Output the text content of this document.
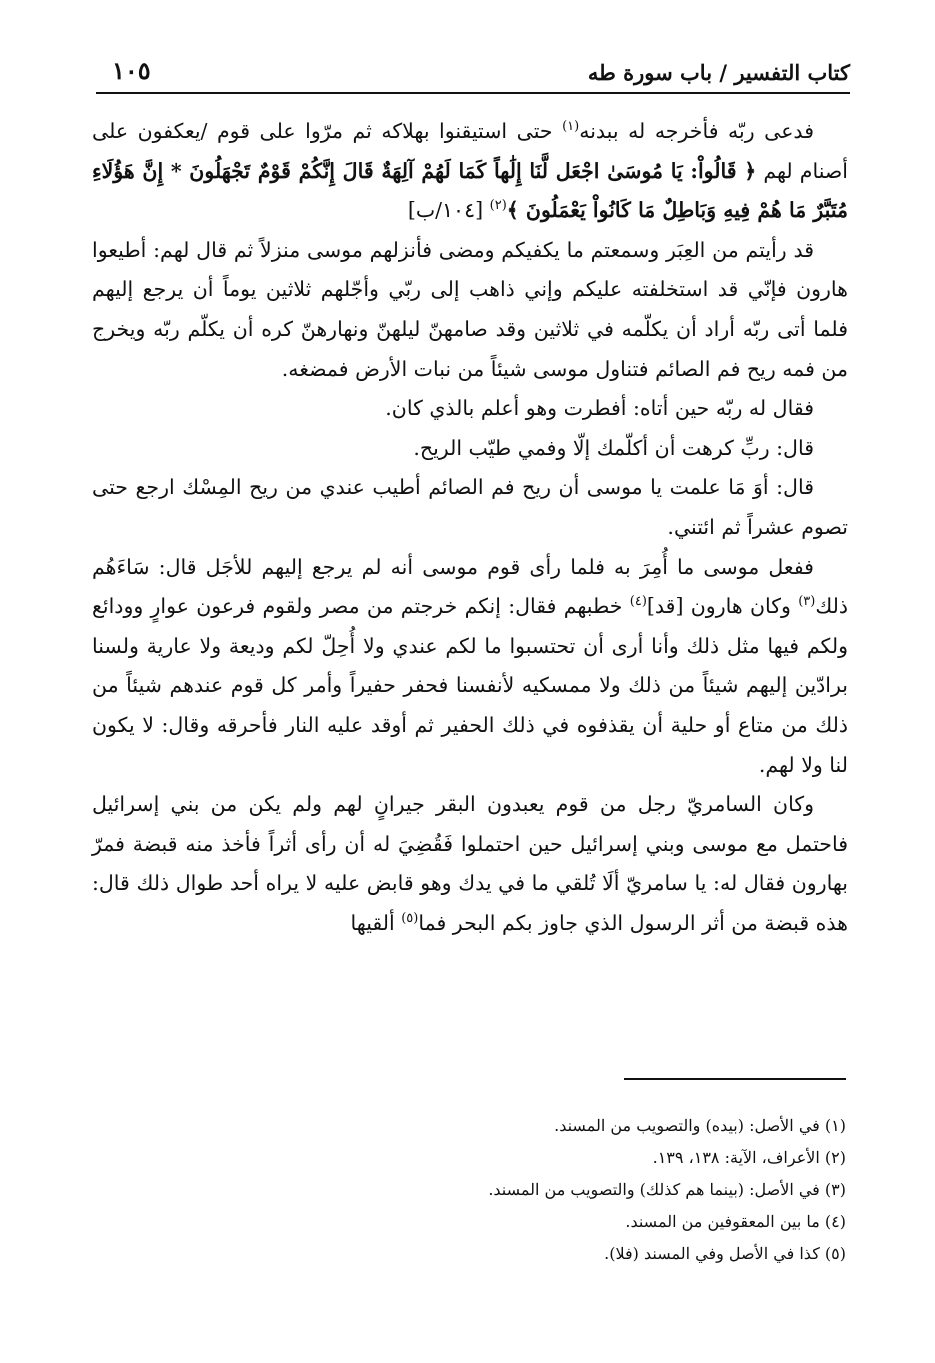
كتاب التفسير / باب سورة طه
١٠٥

فدعى ربّه فأخرجه له ببدنه$^{(١)}$ حتى استيقنوا بهلاكه ثم مرّوا على قوم /يعكفون على أصنام لهم ﴿ قَالُواْ: يَا مُوسَىٰ اجْعَل لَّنَا إِلَٰهاً كَمَا لَهُمْ آلِهَةٌ قَالَ إِنَّكُمْ قَوْمٌ تَجْهَلُونَ * إِنَّ هَؤُلَاءِ مُتَبَّرٌ مَا هُمْ فِيهِ وَبَاطِلٌ مَا كَانُواْ يَعْمَلُونَ ﴾$^{(٢)}$ [١٠٤/ب]

قد رأيتم من العِبَر وسمعتم ما يكفيكم ومضى فأنزلهم موسى منزلاً ثم قال لهم: أطيعوا هارون فإنّي قد استخلفته عليكم وإني ذاهب إلى ربّي وأجّلهم ثلاثين يوماً أن يرجع إليهم فلما أتى ربّه أراد أن يكلّمه في ثلاثين وقد صامهنّ ليلهنّ ونهارهنّ كره أن يكلّم ربّه ويخرج من فمه ريح فم الصائم فتناول موسى شيئاً من نبات الأرض فمضغه.

فقال له ربّه حين أتاه: أفطرت وهو أعلم بالذي كان.

قال: ربِّ كرهت أن أكلّمك إلّا وفمي طيّب الريح.

قال: أوَ مَا علمت يا موسى أن ريح فم الصائم أطيب عندي من ريح المِسْك ارجع حتى تصوم عشراً ثم ائتني.

ففعل موسى ما أُمِرَ به فلما رأى قوم موسى أنه لم يرجع إليهم للأجَل قال: سَاءَهُم ذلك$^{(٣)}$ وكان هارون [قد]$^{(٤)}$ خطبهم فقال: إنكم خرجتم من مصر ولقوم فرعون عوارٍ وودائع ولكم فيها مثل ذلك وأنا أرى أن تحتسبوا ما لكم عندي ولا أُحِلّ لكم وديعة ولا عارية ولسنا برادّين إليهم شيئاً من ذلك ولا ممسكيه لأنفسنا فحفر حفيراً وأمر كل قوم عندهم شيئاً من ذلك من متاع أو حلية أن يقذفوه في ذلك الحفير ثم أوقد عليه النار فأحرقه وقال: لا يكون لنا ولا لهم.

وكان السامريّ رجل من قوم يعبدون البقر جيرانٍ لهم ولم يكن من بني إسرائيل فاحتمل مع موسى وبني إسرائيل حين احتملوا فَقُضِيَ له أن رأى أثراً فأخذ منه قبضة فمرّ بهارون فقال له: يا سامريّ ألَا تُلقي ما في يدك وهو قابض عليه لا يراه أحد طوال ذلك قال: هذه قبضة من أثر الرسول الذي جاوز بكم البحر فما$^{(٥)}$ ألقيها

(١) في الأصل: (بيده) والتصويب من المسند.

(٢) الأعراف، الآية: ١٣٨، ١٣٩.

(٣) في الأصل: (بينما هم كذلك) والتصويب من المسند.

(٤) ما بين المعقوفين من المسند.

(٥) كذا في الأصل وفي المسند (فلا).
